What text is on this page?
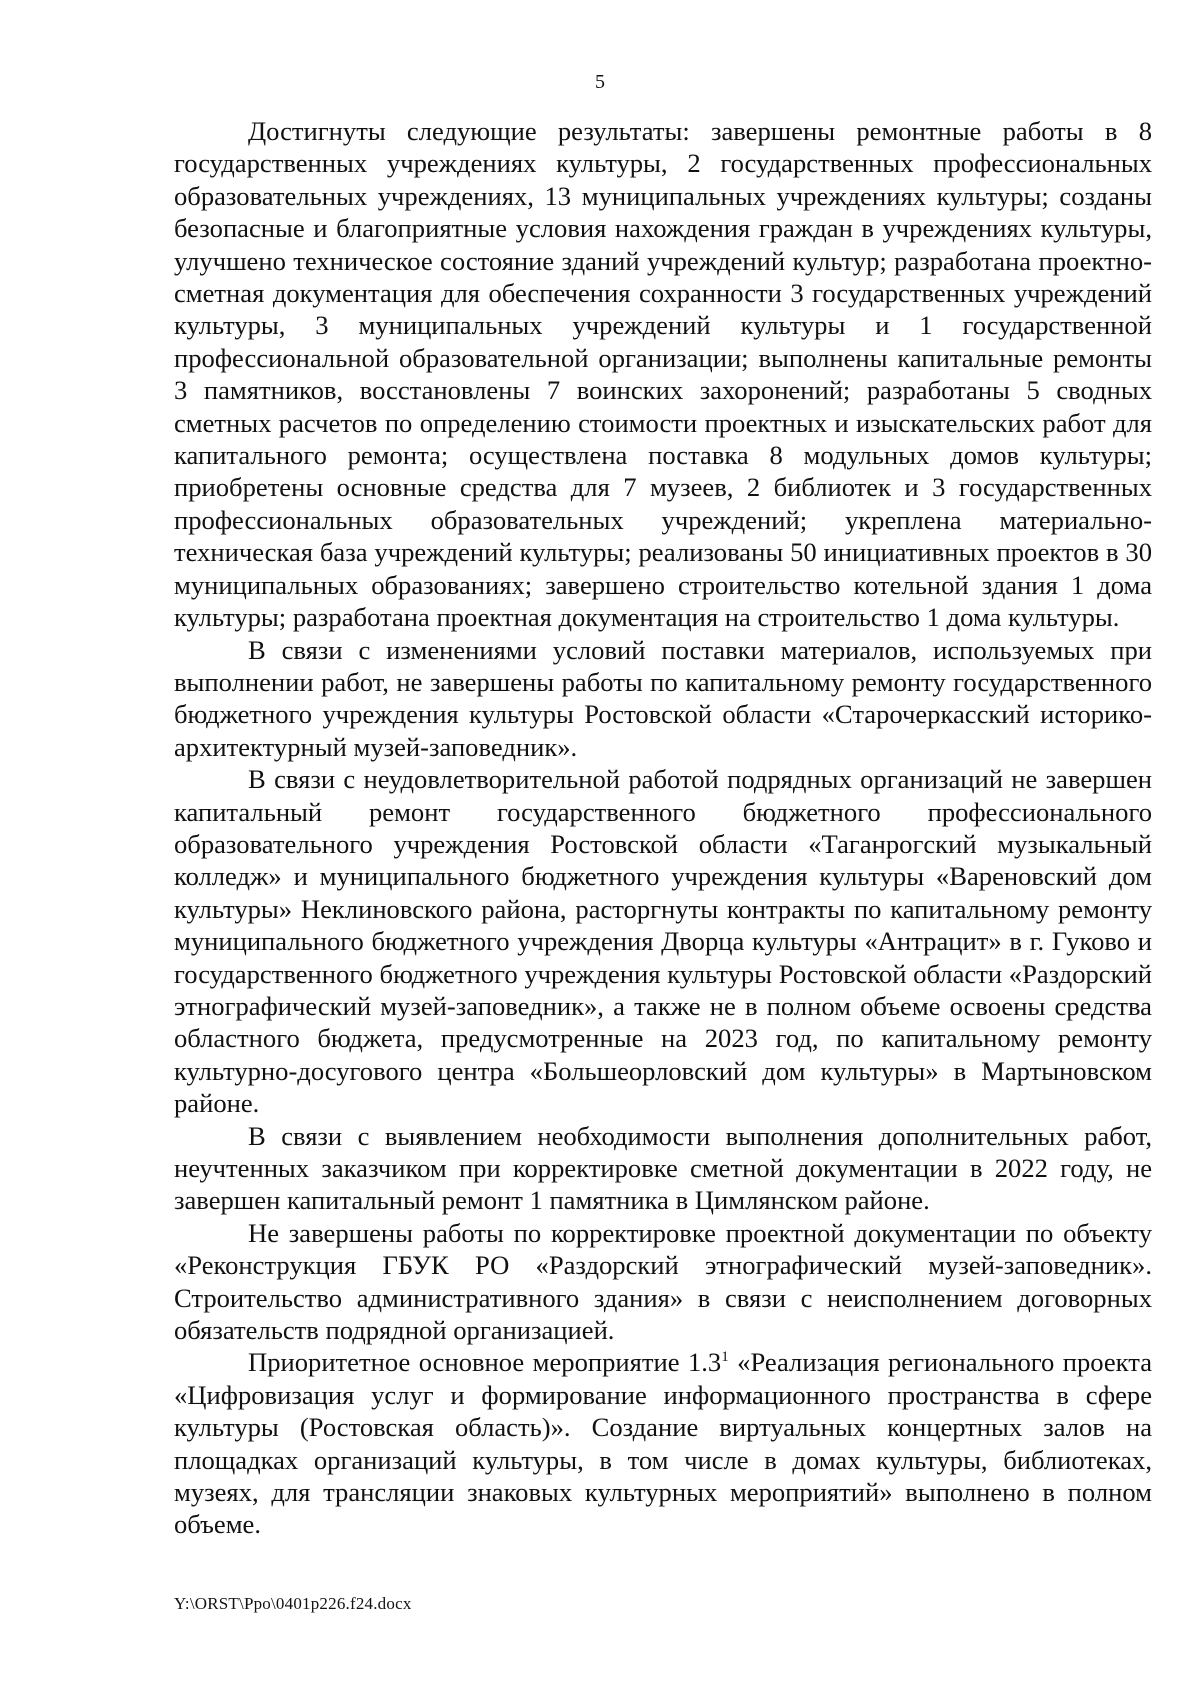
5

Достигнуты следующие результаты: завершены ремонтные работы в 8 государственных учреждениях культуры, 2 государственных профессиональных образовательных учреждениях, 13 муниципальных учреждениях культуры; созданы безопасные и благоприятные условия нахождения граждан в учреждениях культуры, улучшено техническое состояние зданий учреждений культур; разработана проектно-сметная документация для обеспечения сохранности 3 государственных учреждений культуры, 3 муниципальных учреждений культуры и 1 государственной профессиональной образовательной организации; выполнены капитальные ремонты 3 памятников, восстановлены 7 воинских захоронений; разработаны 5 сводных сметных расчетов по определению стоимости проектных и изыскательских работ для капитального ремонта; осуществлена поставка 8 модульных домов культуры; приобретены основные средства для 7 музеев, 2 библиотек и 3 государственных профессиональных образовательных учреждений; укреплена материально-техническая база учреждений культуры; реализованы 50 инициативных проектов в 30 муниципальных образованиях; завершено строительство котельной здания 1 дома культуры; разработана проектная документация на строительство 1 дома культуры.

В связи с изменениями условий поставки материалов, используемых при выполнении работ, не завершены работы по капитальному ремонту государственного бюджетного учреждения культуры Ростовской области «Старочеркасский историко-архитектурный музей-заповедник».

В связи с неудовлетворительной работой подрядных организаций не завершен капитальный ремонт государственного бюджетного профессионального образовательного учреждения Ростовской области «Таганрогский музыкальный колледж» и муниципального бюджетного учреждения культуры «Вареновский дом культуры» Неклиновского района, расторгнуты контракты по капитальному ремонту муниципального бюджетного учреждения Дворца культуры «Антрацит» в г. Гуково и государственного бюджетного учреждения культуры Ростовской области «Раздорский этнографический музей-заповедник», а также не в полном объеме освоены средства областного бюджета, предусмотренные на 2023 год, по капитальному ремонту культурно-досугового центра «Большеорловский дом культуры» в Мартыновском районе.

В связи с выявлением необходимости выполнения дополнительных работ, неучтенных заказчиком при корректировке сметной документации в 2022 году, не завершен капитальный ремонт 1 памятника в Цимлянском районе.

Не завершены работы по корректировке проектной документации по объекту «Реконструкция ГБУК РО «Раздорский этнографический музей-заповедник». Строительство административного здания» в связи с неисполнением договорных обязательств подрядной организацией.

Приоритетное основное мероприятие $1.3^1$ «Реализация регионального проекта «Цифровизация услуг и формирование информационного пространства в сфере культуры (Ростовская область)». Создание виртуальных концертных залов на площадках организаций культуры, в том числе в домах культуры, библиотеках, музеях, для трансляции знаковых культурных мероприятий» выполнено в полном объеме.

Y:\ORST\Ppo\0401p226.f24.docx
